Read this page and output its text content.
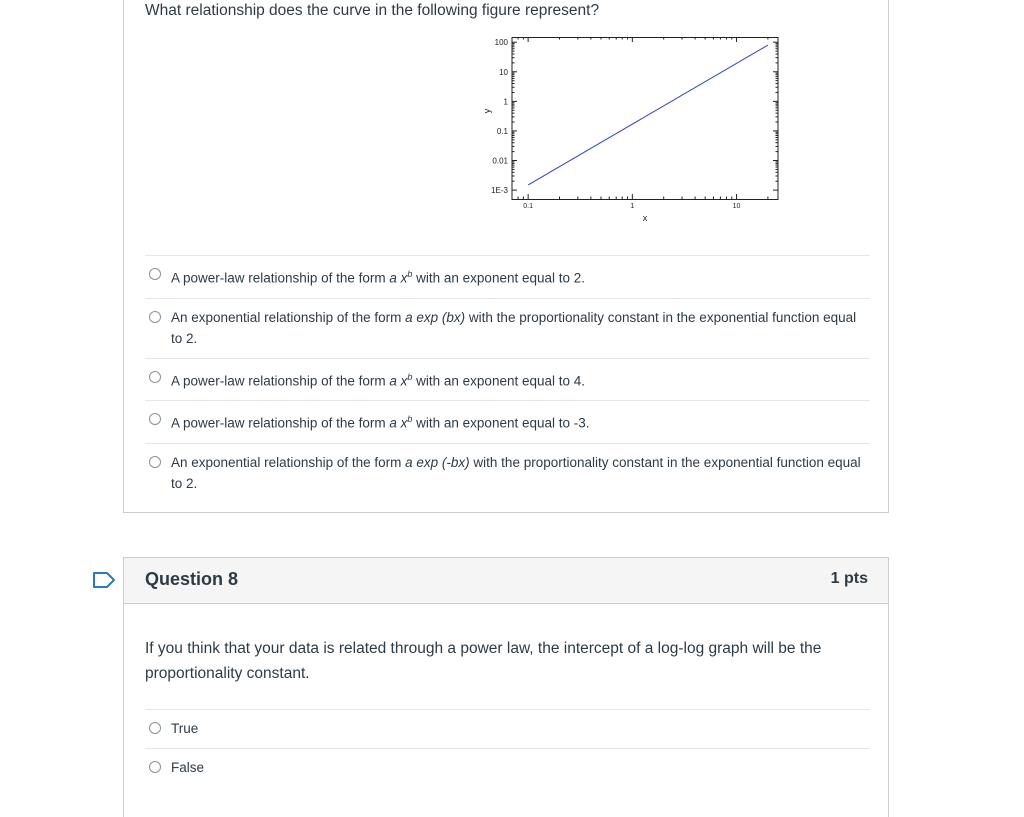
What relationship does the curve in the following figure represent?
1E-3
0.01
0.1
1
10
100
0.1	1	10
x
y
A power-law relationship of the form a $x^b$ with an exponent equal to 2.
An exponential relationship of the form a exp (bx) with the proportionality constant in the exponential function equal to 2.
A power-law relationship of the form a $x^b$ with an exponent equal to 4.
A power-law relationship of the form a $x^b$ with an exponent equal to -3.
An exponential relationship of the form a exp (-bx) with the proportionality constant in the exponential function equal to 2.
Question 8	1 pts
If you think that your data is related through a power law, the intercept of a log-log graph will be the proportionality constant.
True
False
